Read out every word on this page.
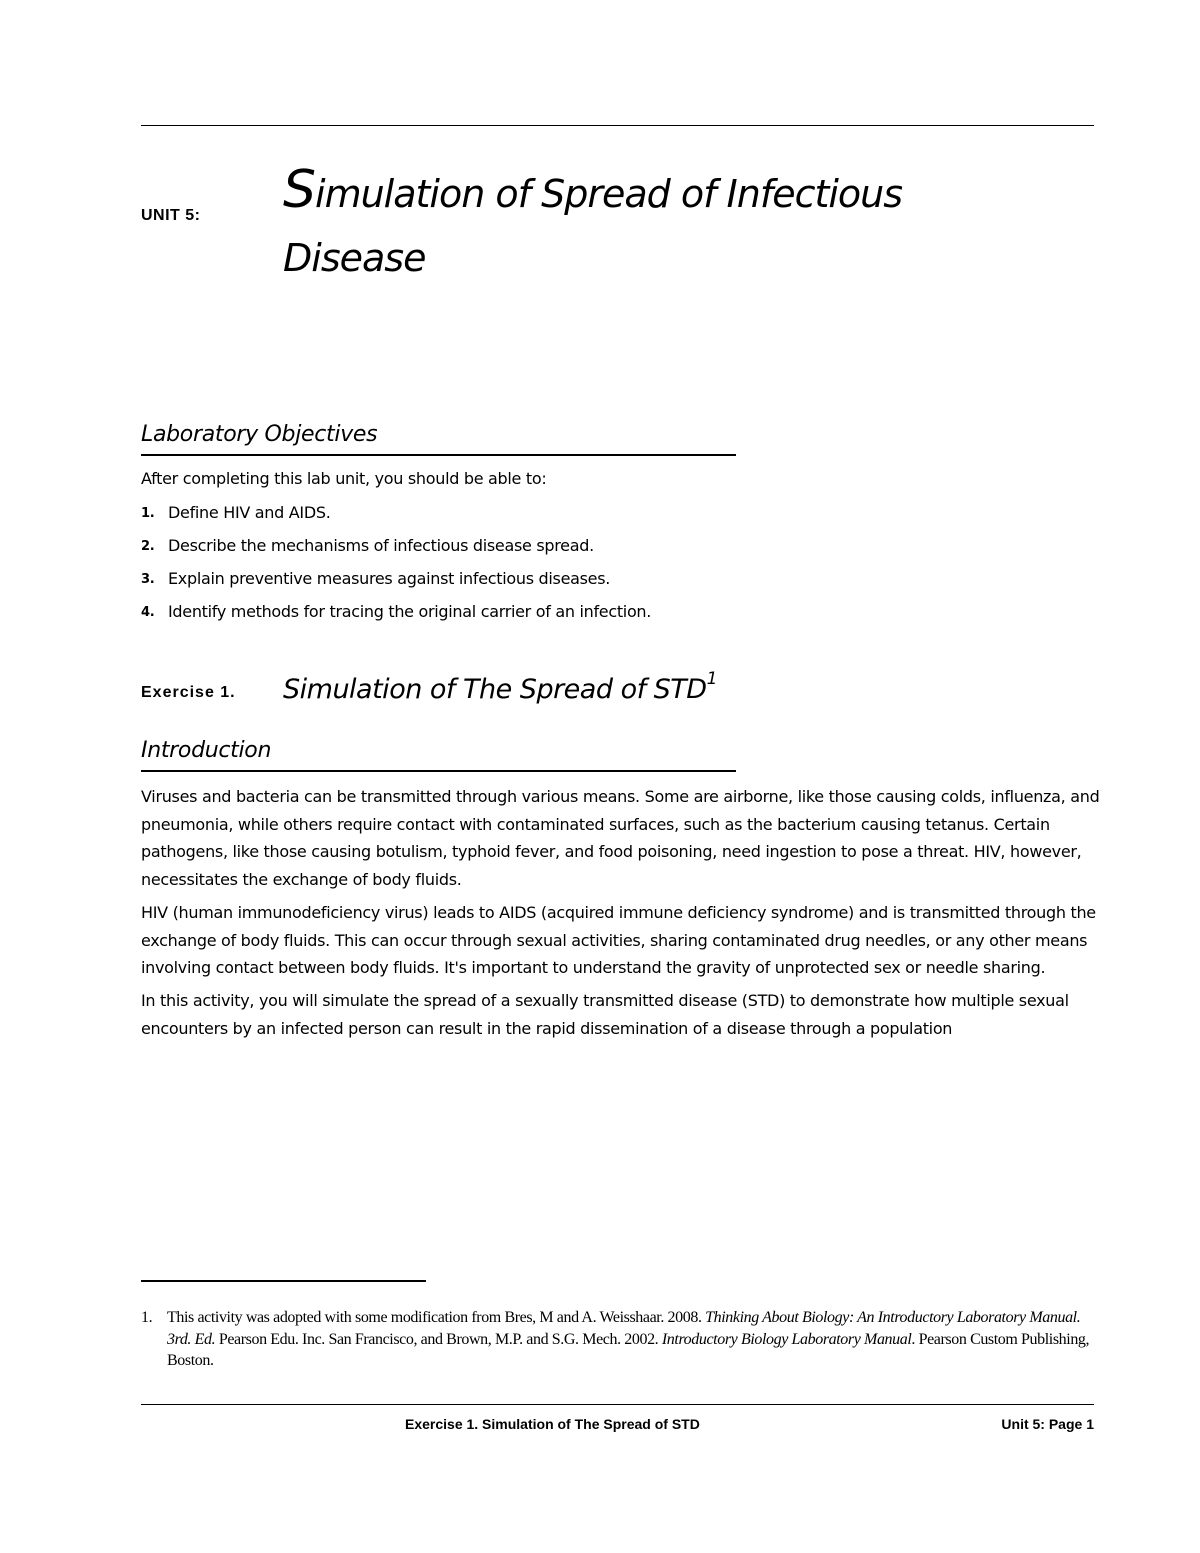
UNIT 5: Simulation of Spread of Infectious
Disease
Laboratory Objectives
After completing this lab unit, you should be able to:
1. Define HIV and AIDS.
2. Describe the mechanisms of infectious disease spread.
3. Explain preventive measures against infectious diseases.
4. Identify methods for tracing the original carrier of an infection.
Exercise 1. Simulation of The Spread of STD$^1$
Introduction

Viruses and bacteria can be transmitted through various means. Some are airborne, like those causing colds, influenza, and pneumonia, while others require contact with contaminated surfaces, such as the bacterium causing tetanus. Certain pathogens, like those causing botulism, typhoid fever, and food poisoning, need ingestion to pose a threat. HIV, however, necessitates the exchange of body fluids.

HIV (human immunodeficiency virus) leads to AIDS (acquired immune deficiency syndrome) and is transmitted through the exchange of body fluids. This can occur through sexual activities, sharing contaminated drug needles, or any other means involving contact between body fluids. It's important to understand the gravity of unprotected sex or needle sharing.

In this activity, you will simulate the spread of a sexually transmitted disease (STD) to demonstrate how multiple sexual encounters by an infected person can result in the rapid dissemination of a disease through a population

1. This activity was adopted with some modification from Bres, M and A. Weisshaar. 2008. Thinking About Biology: An Introductory Laboratory Manual. 3rd. Ed. Pearson Edu. Inc. San Francisco, and Brown, M.P. and S.G. Mech. 2002. Introductory Biology Laboratory Manual. Pearson Custom Publishing, Boston.
Exercise 1. Simulation of The Spread of STD	Unit 5: Page 1
